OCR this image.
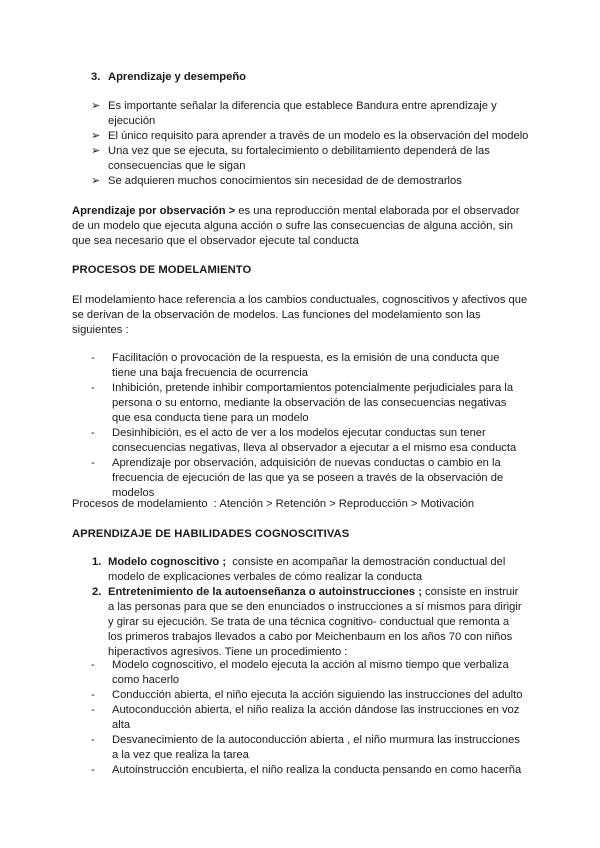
3. Aprendizaje y desempeño
➢ Es importante señalar la diferencia que establece Bandura entre aprendizaje y ejecución
➢ El único requisito para aprender a través de un modelo es la observación del modelo
➢ Una vez que se ejecuta, su fortalecimiento o debilitamiento dependerá de las consecuencias que le sigan
➢ Se adquieren muchos conocimientos sin necesidad de de demostrarlos

Aprendizaje por observación > es una reproducción mental elaborada por el observador de un modelo que ejecuta alguna acción o sufre las consecuencias de alguna acción, sin que sea necesario que el observador ejecute tal conducta

PROCESOS DE MODELAMIENTO

El modelamiento hace referencia a los cambios conductuales, cognoscitivos y afectivos que se derivan de la observación de modelos. Las funciones del modelamiento son las siguientes :

- Facilitación o provocación de la respuesta, es la emisión de una conducta que tiene una baja frecuencia de ocurrencia
- Inhibición, pretende inhibir comportamientos potencialmente perjudiciales para la persona o su entorno, mediante la observación de las consecuencias negativas que esa conducta tiene para un modelo
- Desinhibición, es el acto de ver a los modelos ejecutar conductas sun tener consecuencias negativas, lleva al observador a ejecutar a el mismo esa conducta
- Aprendizaje por observación, adquisición de nuevas conductas o cambio en la frecuencia de ejecución de las que ya se poseen a través de la observación de modelos
Procesos de modelamiento  : Atención > Retención > Reproducción > Motivación
APRENDIZAJE DE HABILIDADES COGNOSCITIVAS
1. Modelo cognoscitivo ;  consiste en acompañar la demostración conductual del modelo de explicaciones verbales de cómo realizar la conducta
2. Entretenimiento de la autoenseñanza o autoinstrucciones ; consiste en instruir a las personas para que se den enunciados o instrucciones a sí mismos para dirigir y girar su ejecución. Se trata de una técnica cognitivo- conductual que remonta a los primeros trabajos llevados a cabo por Meichenbaum en los años 70 con niños hiperactivos agresivos. Tiene un procedimiento :
- Modelo cognoscitivo, el modelo ejecuta la acción al mismo tiempo que verbaliza como hacerlo
- Conducción abierta, el niño ejecuta la acción siguiendo las instrucciones del adulto
- Autoconducción abierta, el niño realiza la acción dándose las instrucciones en voz alta
- Desvanecimiento de la autoconducción abierta , el niño murmura las instrucciones a la vez que realiza la tarea
- Autoinstrucción encubierta, el niño realiza la conducta pensando en como hacerña
